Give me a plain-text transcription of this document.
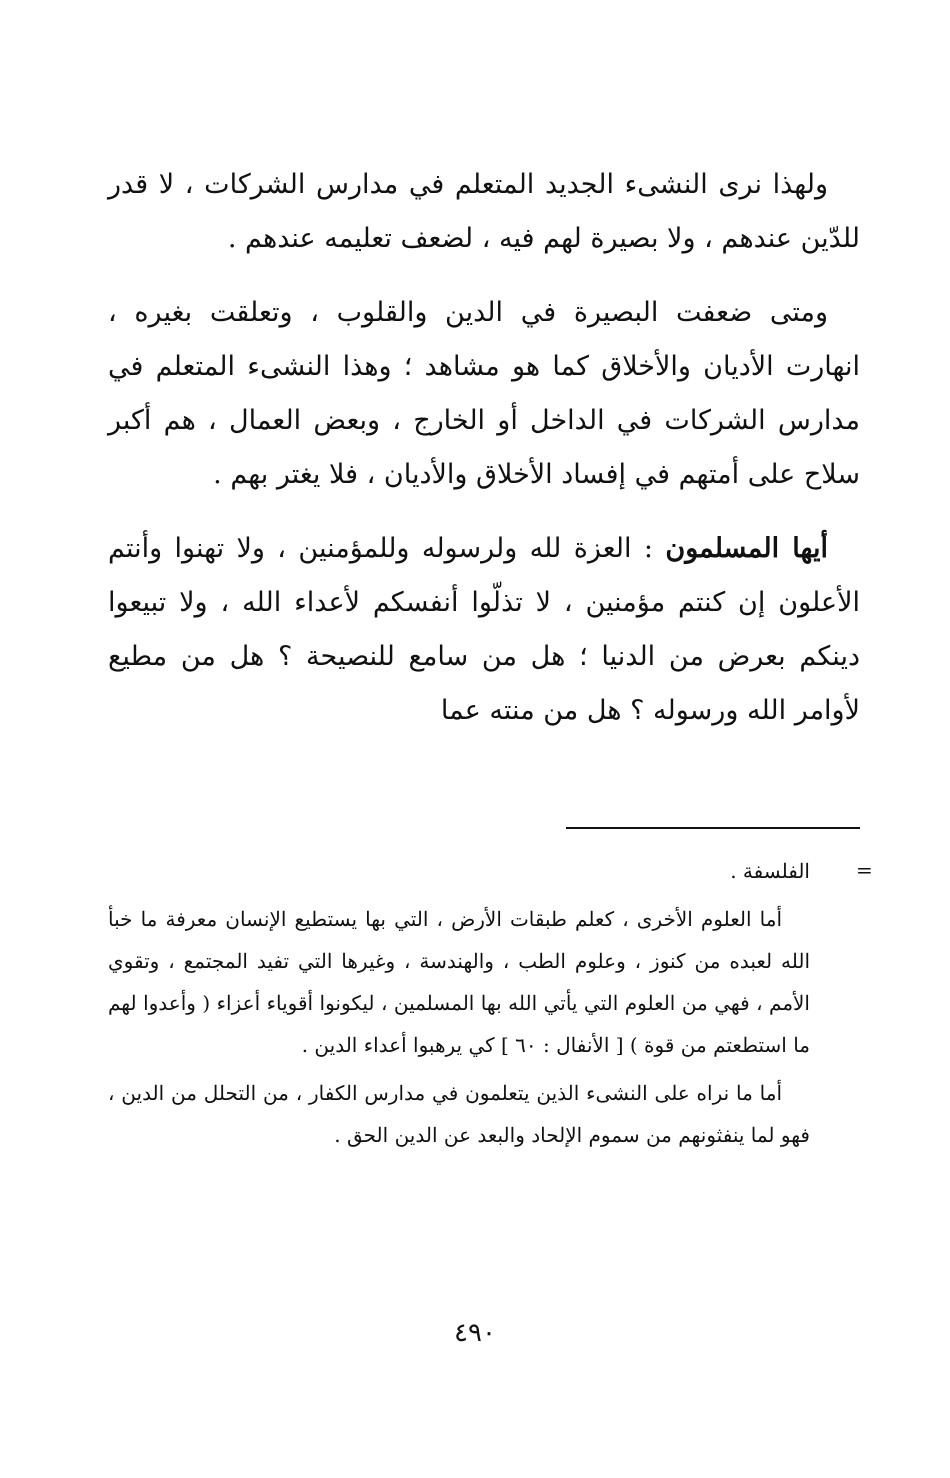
ولهذا نرى النشىء الجديد المتعلم في مدارس الشركات ، لا قدر للدّين عندهم ، ولا بصيرة لهم فيه ، لضعف تعليمه عندهم .

ومتى ضعفت البصيرة في الدين والقلوب ، وتعلقت بغيره ، انهارت الأديان والأخلاق كما هو مشاهد ؛ وهذا النشىء المتعلم في مدارس الشركات في الداخل أو الخارج ، وبعض العمال ، هم أكبر سلاح على أمتهم في إفساد الأخلاق والأديان ، فلا يغتر بهم .

أيها المسلمون : العزة لله ولرسوله وللمؤمنين ، ولا تهنوا وأنتم الأعلون إن كنتم مؤمنين ، لا تذلّوا أنفسكم لأعداء الله ، ولا تبيعوا دينكم بعرض من الدنيا ؛ هل من سامع للنصيحة ؟ هل من مطيع لأوامر الله ورسوله ؟ هل من منته عما

=

الفلسفة .

أما العلوم الأخرى ، كعلم طبقات الأرض ، التي بها يستطيع الإنسان معرفة ما خبأ الله لعبده من كنوز ، وعلوم الطب ، والهندسة ، وغيرها التي تفيد المجتمع ، وتقوي الأمم ، فهي من العلوم التي يأتي الله بها المسلمين ، ليكونوا أقوياء أعزاء ( وأعدوا لهم ما استطعتم من قوة ) [ الأنفال : ٦٠ ] كي يرهبوا أعداء الدين .

أما ما نراه على النشىء الذين يتعلمون في مدارس الكفار ، من التحلل من الدين ، فهو لما ينفثونهم من سموم الإلحاد والبعد عن الدين الحق .

٤٩٠
